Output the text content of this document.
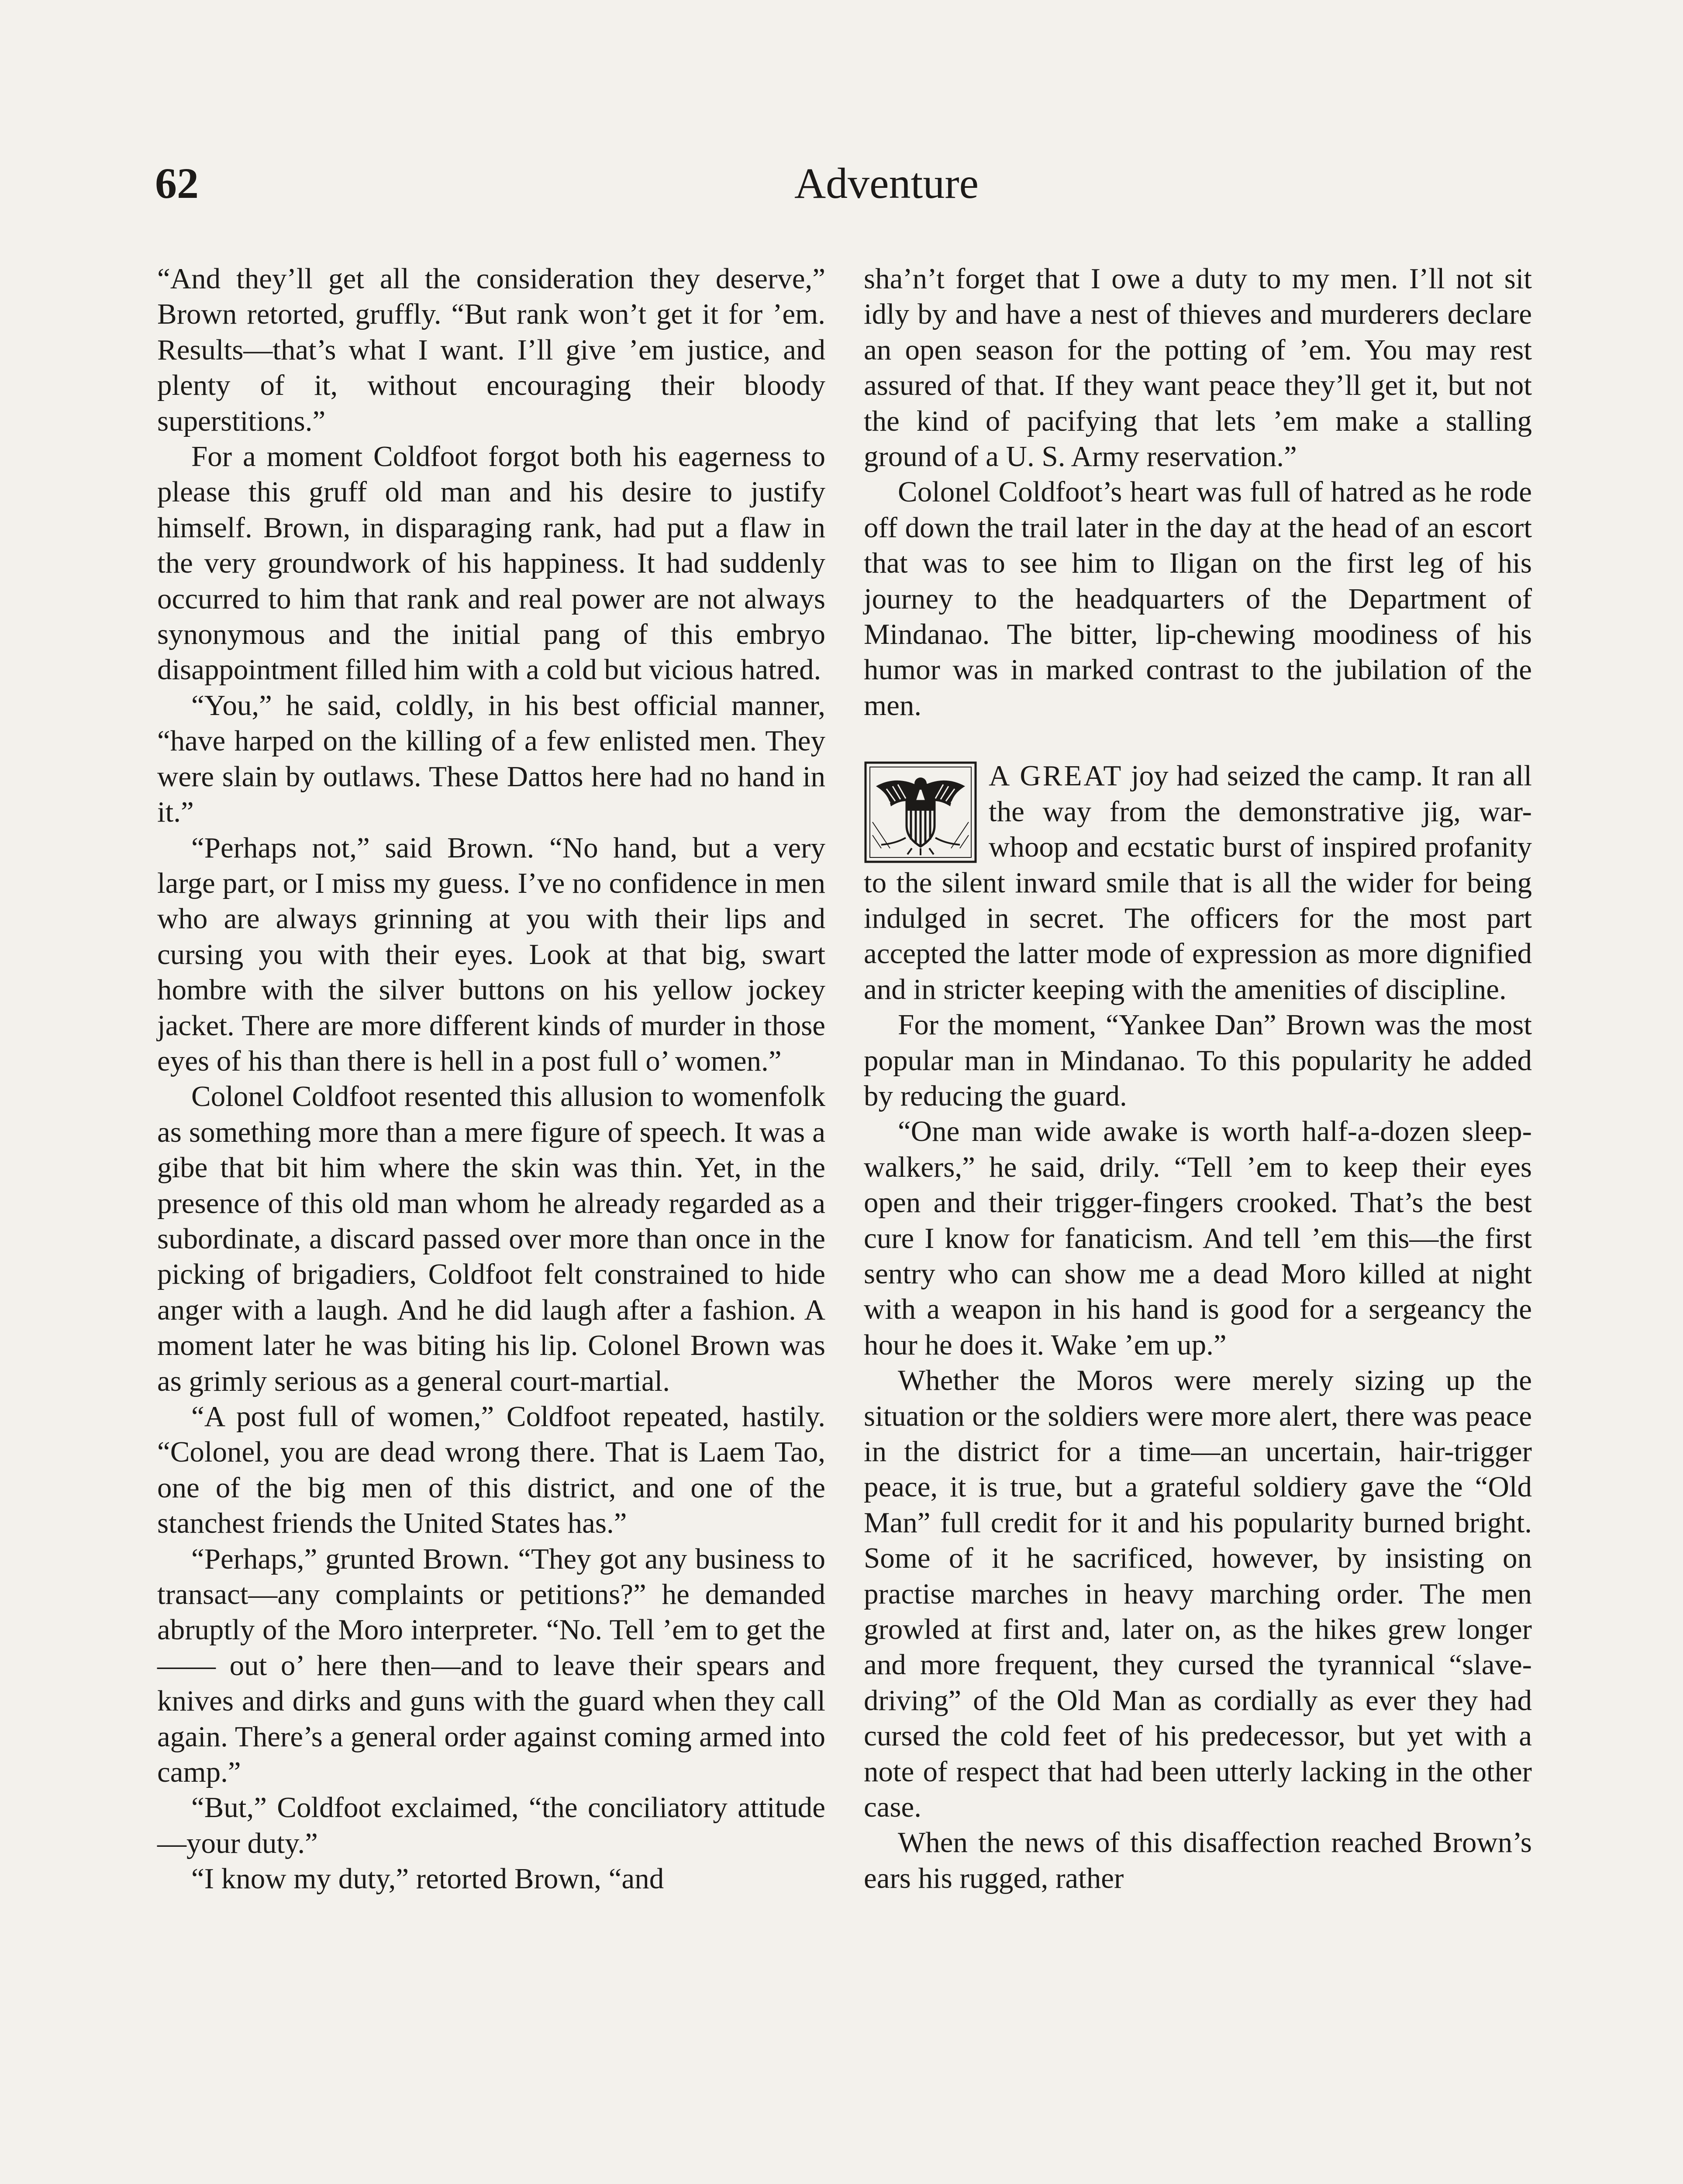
62	Adventure

“And they’ll get all the consideration they deserve,” Brown retorted, gruffly. “But rank won’t get it for ’em. Results—that’s what I want. I’ll give ’em justice, and plenty of it, without encouraging their bloody superstitions.”

For a moment Coldfoot forgot both his eagerness to please this gruff old man and his desire to justify himself. Brown, in disparaging rank, had put a flaw in the very groundwork of his happiness. It had suddenly occurred to him that rank and real power are not always synonymous and the initial pang of this embryo disappointment filled him with a cold but vicious hatred.

“You,” he said, coldly, in his best official manner, “have harped on the killing of a few enlisted men. They were slain by outlaws. These Dattos here had no hand in it.”

“Perhaps not,” said Brown. “No hand, but a very large part, or I miss my guess. I’ve no confidence in men who are always grinning at you with their lips and cursing you with their eyes. Look at that big, swart hombre with the silver buttons on his yellow jockey jacket. There are more different kinds of murder in those eyes of his than there is hell in a post full o’ women.”

Colonel Coldfoot resented this allusion to womenfolk as something more than a mere figure of speech. It was a gibe that bit him where the skin was thin. Yet, in the presence of this old man whom he already regarded as a subordinate, a discard passed over more than once in the picking of brigadiers, Coldfoot felt constrained to hide anger with a laugh. And he did laugh after a fashion. A moment later he was biting his lip. Colonel Brown was as grimly serious as a general court-martial.

“A post full of women,” Coldfoot repeated, hastily. “Colonel, you are dead wrong there. That is Laem Tao, one of the big men of this district, and one of the stanchest friends the United States has.”

“Perhaps,” grunted Brown. “They got any business to transact—any complaints or petitions?” he demanded abruptly of the Moro interpreter. “No. Tell ’em to get the —— out o’ here then—and to leave their spears and knives and dirks and guns with the guard when they call again. There’s a general order against coming armed into camp.”

“But,” Coldfoot exclaimed, “the conciliatory attitude—your duty.”

“I know my duty,” retorted Brown, “and

sha’n’t forget that I owe a duty to my men. I’ll not sit idly by and have a nest of thieves and murderers declare an open season for the potting of ’em. You may rest assured of that. If they want peace they’ll get it, but not the kind of pacifying that lets ’em make a stalling ground of a U. S. Army reservation.”

Colonel Coldfoot’s heart was full of hatred as he rode off down the trail later in the day at the head of an escort that was to see him to Iligan on the first leg of his journey to the headquarters of the Department of Mindanao. The bitter, lip-chewing moodiness of his humor was in marked contrast to the jubilation of the men.

A GREAT joy had seized the camp. It ran all the way from the demonstrative jig, war-whoop and ecstatic burst of inspired profanity to the silent inward smile that is all the wider for being indulged in secret. The officers for the most part accepted the latter mode of expression as more dignified and in stricter keeping with the amenities of discipline.

For the moment, “Yankee Dan” Brown was the most popular man in Mindanao. To this popularity he added by reducing the guard.

“One man wide awake is worth half-a-dozen sleep-walkers,” he said, drily. “Tell ’em to keep their eyes open and their trigger-fingers crooked. That’s the best cure I know for fanaticism. And tell ’em this—the first sentry who can show me a dead Moro killed at night with a weapon in his hand is good for a sergeancy the hour he does it. Wake ’em up.”

Whether the Moros were merely sizing up the situation or the soldiers were more alert, there was peace in the district for a time—an uncertain, hair-trigger peace, it is true, but a grateful soldiery gave the “Old Man” full credit for it and his popularity burned bright. Some of it he sacrificed, however, by insisting on practise marches in heavy marching order. The men growled at first and, later on, as the hikes grew longer and more frequent, they cursed the tyrannical “slave-driving” of the Old Man as cordially as ever they had cursed the cold feet of his predecessor, but yet with a note of respect that had been utterly lacking in the other case.

When the news of this disaffection reached Brown’s ears his rugged, rather
